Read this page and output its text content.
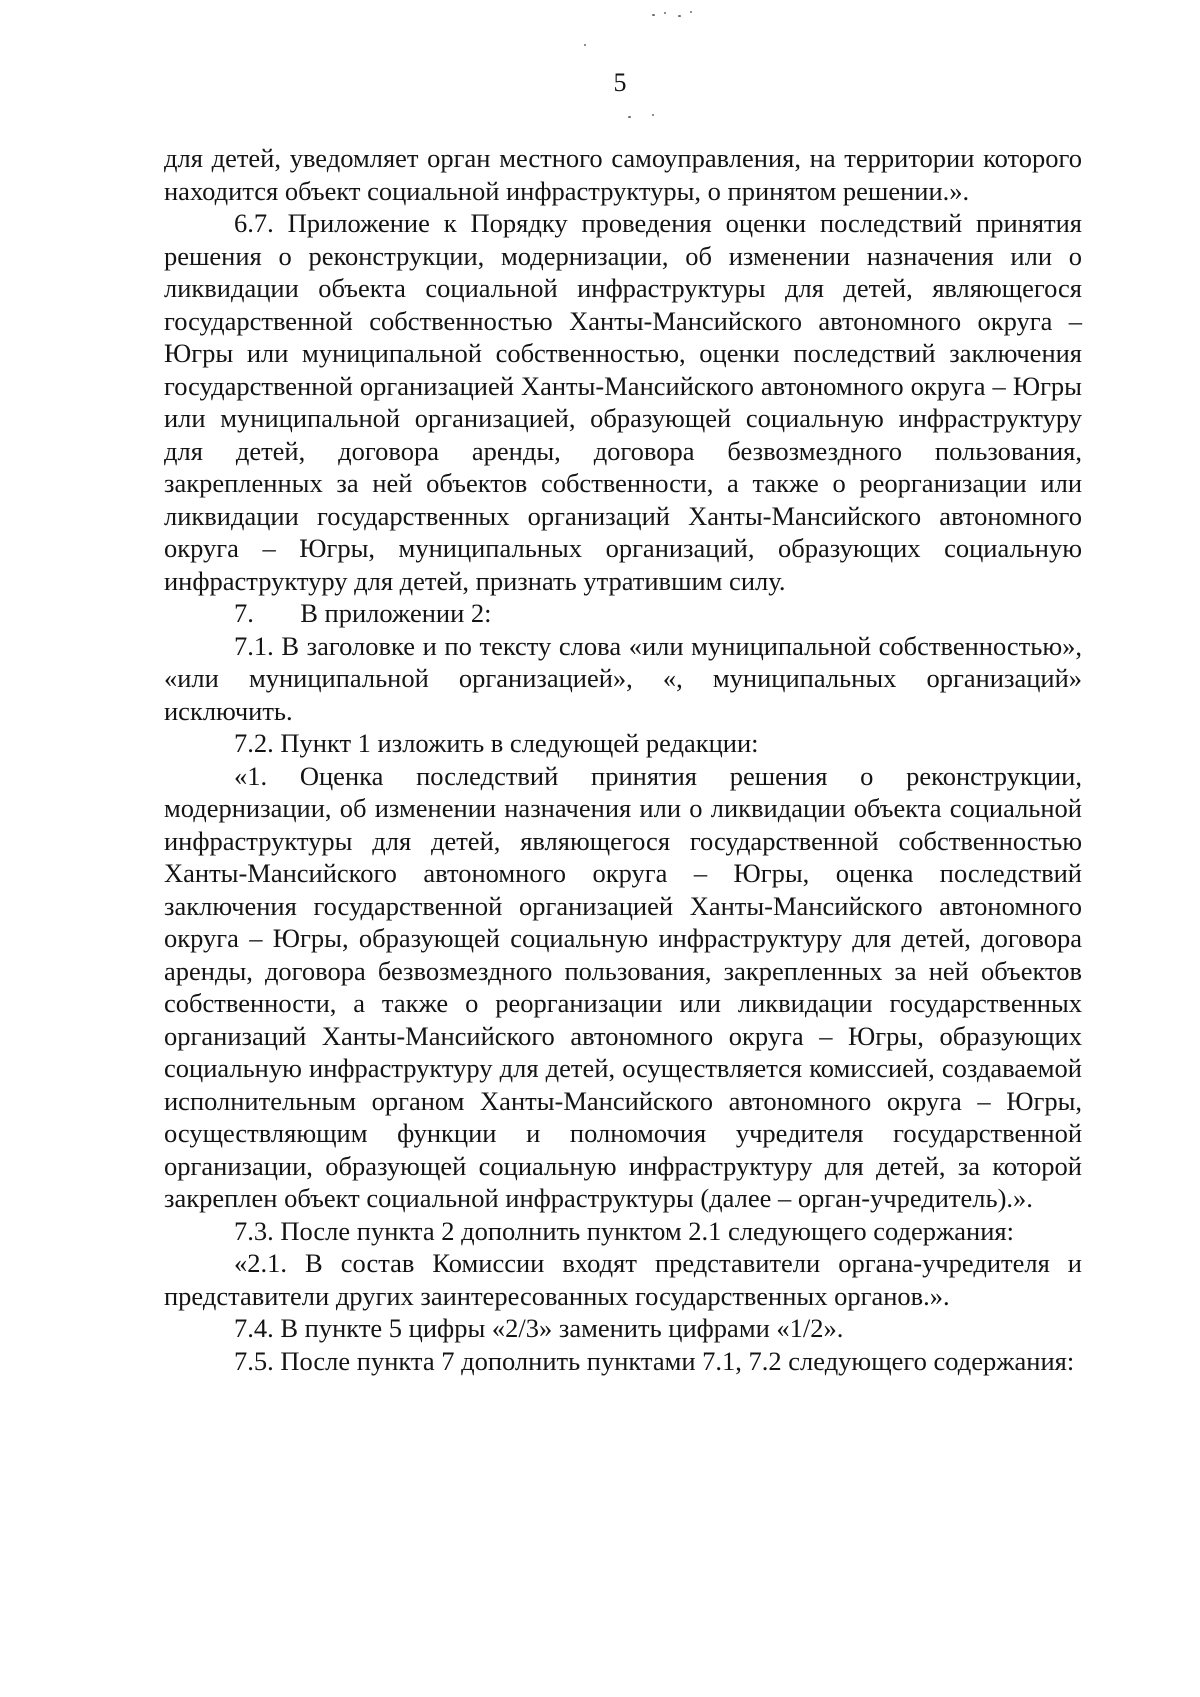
5

для детей, уведомляет орган местного самоуправления, на территории которого находится объект социальной инфраструктуры, о принятом решении.».

6.7. Приложение к Порядку проведения оценки последствий принятия решения о реконструкции, модернизации, об изменении назначения или о ликвидации объекта социальной инфраструктуры для детей, являющегося государственной собственностью Ханты-Мансийского автономного округа – Югры или муниципальной собственностью, оценки последствий заключения государственной организацией Ханты-Мансийского автономного округа – Югры или муниципальной организацией, образующей социальную инфраструктуру для детей, договора аренды, договора безвозмездного пользования, закрепленных за ней объектов собственности, а также о реорганизации или ликвидации государственных организаций Ханты-Мансийского автономного округа – Югры, муниципальных организаций, образующих социальную инфраструктуру для детей, признать утратившим силу.

7.       В приложении 2:

7.1. В заголовке и по тексту слова «или муниципальной собственностью», «или муниципальной организацией», «, муниципальных организаций» исключить.

7.2. Пункт 1 изложить в следующей редакции:

«1. Оценка последствий принятия решения о реконструкции, модернизации, об изменении назначения или о ликвидации объекта социальной инфраструктуры для детей, являющегося государственной собственностью Ханты-Мансийского автономного округа – Югры, оценка последствий заключения государственной организацией Ханты-Мансийского автономного округа – Югры, образующей социальную инфраструктуру для детей, договора аренды, договора безвозмездного пользования, закрепленных за ней объектов собственности, а также о реорганизации или ликвидации государственных организаций Ханты-Мансийского автономного округа – Югры, образующих социальную инфраструктуру для детей, осуществляется комиссией, создаваемой исполнительным органом Ханты-Мансийского автономного округа – Югры, осуществляющим функции и полномочия учредителя государственной организации, образующей социальную инфраструктуру для детей, за которой закреплен объект социальной инфраструктуры (далее – орган-учредитель).».

7.3. После пункта 2 дополнить пунктом 2.1 следующего содержания:

«2.1. В состав Комиссии входят представители органа-учредителя и представители других заинтересованных государственных органов.».

7.4. В пункте 5 цифры «2/3» заменить цифрами «1/2».

7.5. После пункта 7 дополнить пунктами 7.1, 7.2 следующего содержания:
